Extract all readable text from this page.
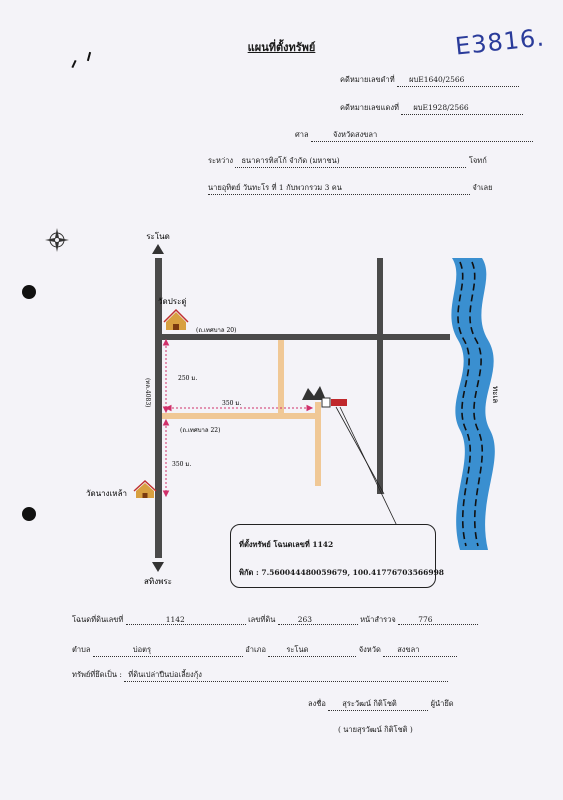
แผนที่ตั้งทรัพย์	E3816.
คดีหมายเลขดำที่ ผบE1640/2566
คดีหมายเลขแดงที่ ผบE1928/2566
ศาล	จังหวัดสงขลา
ระหว่าง ธนาคารทิสโก้ จำกัด (มหาชน)	โจทก์
นายอุทิตย์ วันทะโร ที่ 1 กับพวกรวม 3 คน	จำเลย
ทะเล
ระโนด
สทิงพระ
(ทล.4083)
(ถ.เทศบาล 20)
(ถ.เทศบาล 22)
วัดประดู่
วัดนางเหล้า
250 ม.
350 ม.
350 ม.
ที่ตั้งทรัพย์ โฉนดเลขที่ 1142
พิกัด : 7.560044480059679, 100.41776703566998
โฉนดที่ดินเลขที่	1142	เลขที่ดิน	263	หน้าสำรวจ	776
ตำบล	บ่อตรุ	อำเภอ	ระโนด	จังหวัด สงขลา
ทรัพย์ที่ยึดเป็น : ที่ดินเปล่าปืนบ่อเลี้ยงกุ้ง
ลงชื่อ สุระวัฒน์ กิติโชติ	ผู้นำยึด
( นายสุรวัฒน์ กิติโชติ )
